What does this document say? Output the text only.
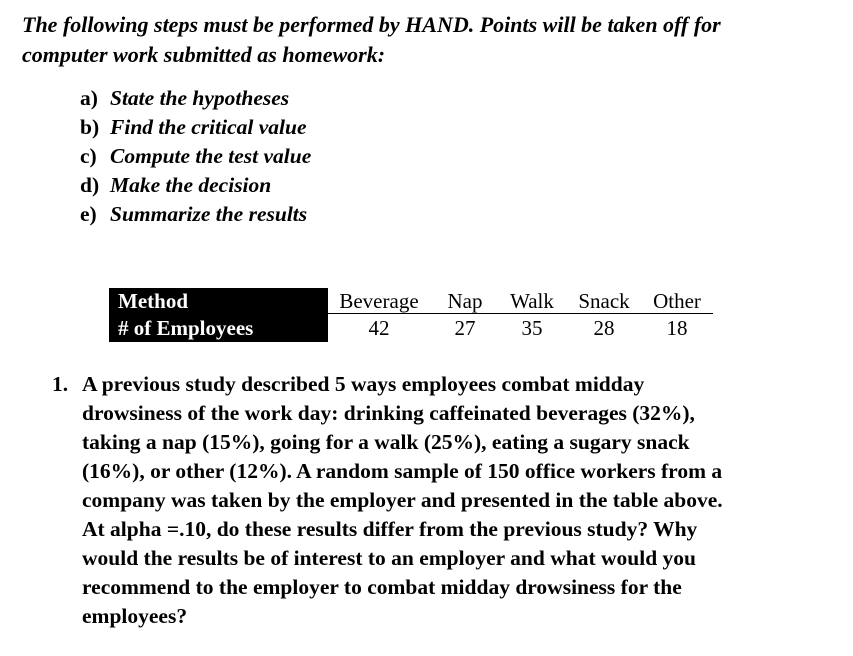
The following steps must be performed by HAND. Points will be taken off for
computer work submitted as homework:

a) State the hypotheses
b) Find the critical value
c) Compute the test value
d) Make the decision
e) Summarize the results
Method
# of Employees
Beverage
42
Nap
27
Walk
35
Snack
28
Other
18
1. A previous study described 5 ways employees combat midday
drowsiness of the work day: drinking caffeinated beverages (32%),
taking a nap (15%), going for a walk (25%), eating a sugary snack
(16%), or other (12%). A random sample of 150 office workers from a
company was taken by the employer and presented in the table above.
At alpha =.10, do these results differ from the previous study? Why
would the results be of interest to an employer and what would you
recommend to the employer to combat midday drowsiness for the
employees?
